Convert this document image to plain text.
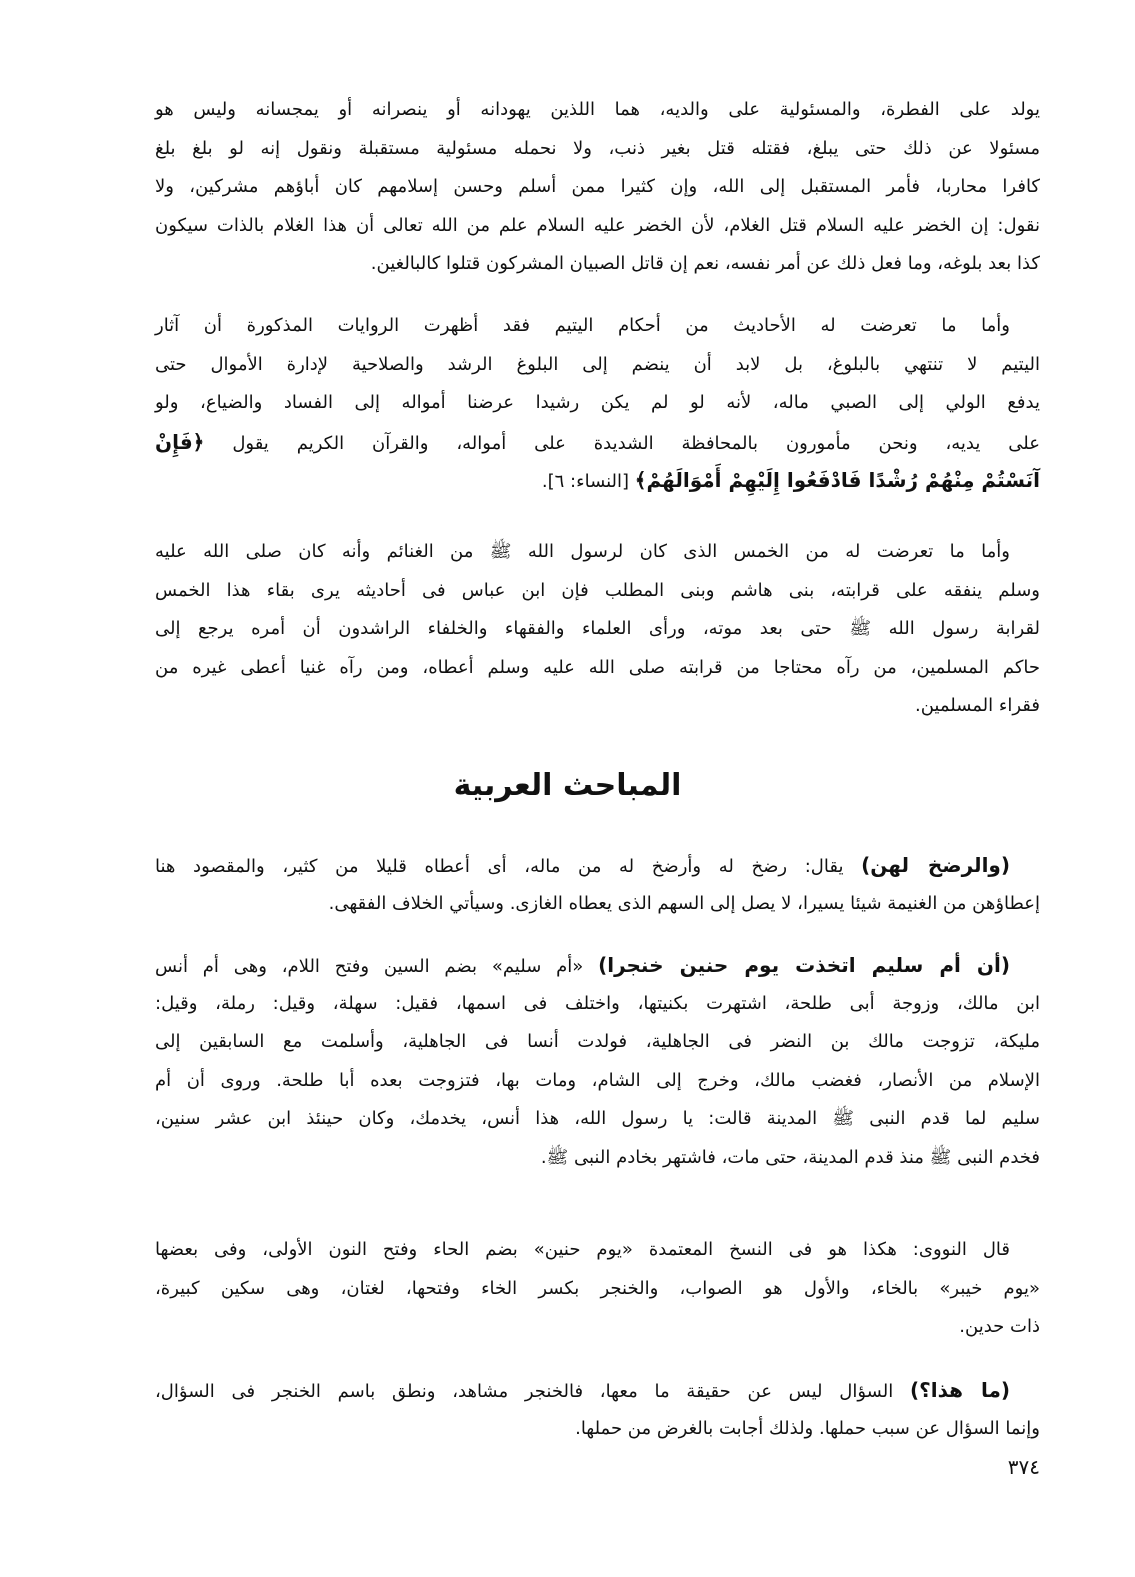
يولد على الفطرة، والمسئولية على والديه، هما اللذين يهودانه أو ينصرانه أو يمجسانه وليس هو
مسئولا عن ذلك حتى يبلغ، فقتله قتل بغير ذنب، ولا نحمله مسئولية مستقبلة ونقول إنه لو بلغ بلغ
كافرا محاربا، فأمر المستقبل إلى الله، وإن كثيرا ممن أسلم وحسن إسلامهم كان أباؤهم مشركين، ولا
نقول: إن الخضر عليه السلام قتل الغلام، لأن الخضر عليه السلام علم من الله تعالى أن هذا الغلام بالذات سيكون
كذا بعد بلوغه، وما فعل ذلك عن أمر نفسه، نعم إن قاتل الصبيان المشركون قتلوا كالبالغين.
وأما ما تعرضت له الأحاديث من أحكام اليتيم فقد أظهرت الروايات المذكورة أن آثار
اليتيم لا تنتهي بالبلوغ، بل لابد أن ينضم إلى البلوغ الرشد والصلاحية لإدارة الأموال حتى
يدفع الولي إلى الصبي ماله، لأنه لو لم يكن رشيدا عرضنا أمواله إلى الفساد والضياع، ولو
على يديه، ونحن مأمورون بالمحافظة الشديدة على أمواله، والقرآن الكريم يقول ﴿فَإِنْ
آنَسْتُمْ مِنْهُمْ رُشْدًا فَادْفَعُوا إِلَيْهِمْ أَمْوَالَهُمْ﴾ [النساء: ٦].
وأما ما تعرضت له من الخمس الذى كان لرسول الله ﷺ من الغنائم وأنه كان صلى الله عليه
وسلم ينفقه على قرابته، بنى هاشم وبنى المطلب فإن ابن عباس فى أحاديثه يرى بقاء هذا الخمس
لقرابة رسول الله ﷺ حتى بعد موته، ورأى العلماء والفقهاء والخلفاء الراشدون أن أمره يرجع إلى
حاكم المسلمين، من رآه محتاجا من قرابته صلى الله عليه وسلم أعطاه، ومن رآه غنيا أعطى غيره من
فقراء المسلمين.
المباحث العربية
(والرضخ لهن) يقال: رضخ له وأرضخ له من ماله، أى أعطاه قليلا من كثير، والمقصود هنا
إعطاؤهن من الغنيمة شيئا يسيرا، لا يصل إلى السهم الذى يعطاه الغازى. وسيأتي الخلاف الفقهى.
(أن أم سليم اتخذت يوم حنين خنجرا) «أم سليم» بضم السين وفتح اللام، وهى أم أنس
ابن مالك، وزوجة أبى طلحة، اشتهرت بكنيتها، واختلف فى اسمها، فقيل: سهلة، وقيل: رملة، وقيل:
مليكة، تزوجت مالك بن النضر فى الجاهلية، فولدت أنسا فى الجاهلية، وأسلمت مع السابقين إلى
الإسلام من الأنصار، فغضب مالك، وخرج إلى الشام، ومات بها، فتزوجت بعده أبا طلحة. وروى أن أم
سليم لما قدم النبى ﷺ المدينة قالت: يا رسول الله، هذا أنس، يخدمك، وكان حينئذ ابن عشر سنين،
فخدم النبى ﷺ منذ قدم المدينة، حتى مات، فاشتهر بخادم النبى ﷺ.
قال النووى: هكذا هو فى النسخ المعتمدة «يوم حنين» بضم الحاء وفتح النون الأولى، وفى بعضها
«يوم خيبر» بالخاء، والأول هو الصواب، والخنجر بكسر الخاء وفتحها، لغتان، وهى سكين كبيرة،
ذات حدين.
(ما هذا؟) السؤال ليس عن حقيقة ما معها، فالخنجر مشاهد، ونطق باسم الخنجر فى السؤال،
وإنما السؤال عن سبب حملها. ولذلك أجابت بالغرض من حملها.
٣٧٤
